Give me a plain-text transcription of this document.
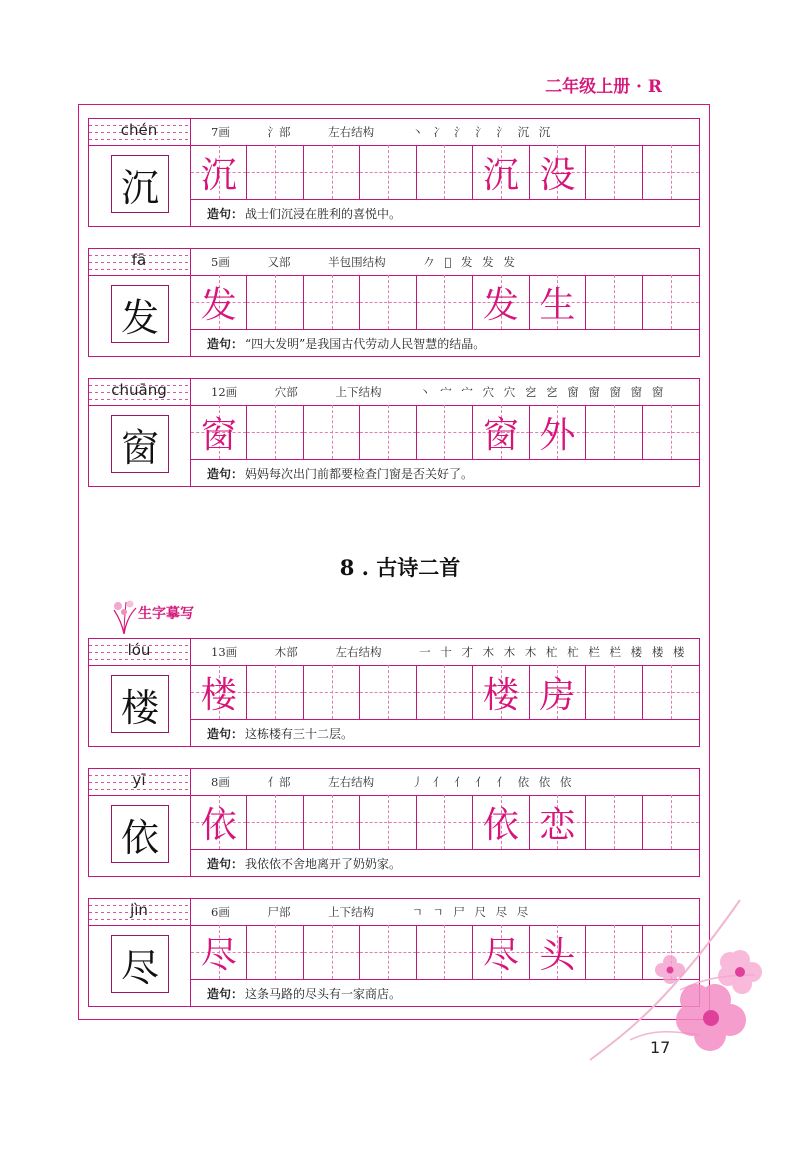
二年级上册 · R
chén	7画	氵部	左右结构	丶 冫 氵 氵 氵 沉 沉
沉 沉	沉 没
造句： 战士们沉浸在胜利的喜悦中。
fā	5画	又部	半包围结构	𠂊 𠂋 发 发 发
发 发	发 生
造句： “四大发明”是我国古代劳动人民智慧的结晶。
chuāng	12画	穴部	上下结构	丶 宀 宀 穴 穴 穵 穵 窗 窗 窗 窗 窗
窗 窗	窗 外
造句： 妈妈每次出门前都要检查门窗是否关好了。
8 . 古诗二首
生字摹写
lóu	13画	木部	左右结构	一 十 才 木 木 木 杧 杧 栏 栏 楼 楼 楼
楼 楼	楼 房
造句： 这栋楼有三十二层。
yī	8画	亻部	左右结构	丿 亻 亻 亻 亻 依 依 依
依 依	依 恋
造句： 我依依不舍地离开了奶奶家。
jìn	6画	尸部	上下结构	ㄱ ㄱ 尸 尺 尽 尽
尽 尽	尽 头
造句： 这条马路的尽头有一家商店。
17
